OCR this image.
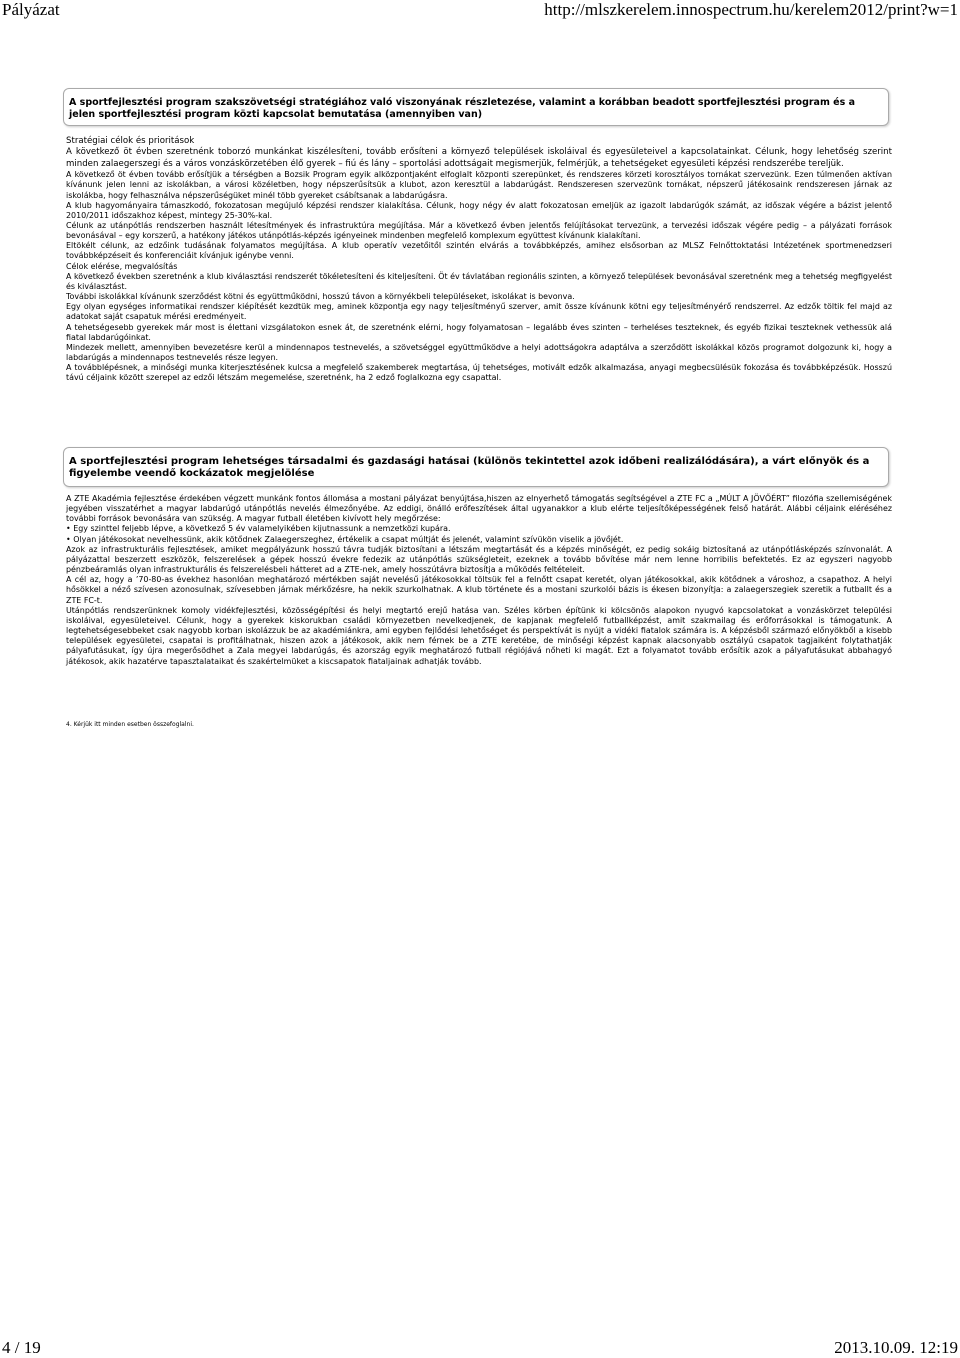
Pályázat	http://mlszkerelem.innospectrum.hu/kerelem2012/print?w=1
A sportfejlesztési program szakszövetségi stratégiához való viszonyának részletezése, valamint a korábban beadott sportfejlesztési program és a jelen sportfejlesztési program közti kapcsolat bemutatása (amennyiben van)

Stratégiai célok és prioritások

A következő öt évben szeretnénk toborzó munkánkat kiszélesíteni, tovább erősíteni a környező települések iskoláival és egyesületeivel a kapcsolatainkat. Célunk, hogy lehetőség szerint minden zalaegerszegi és a város vonzáskörzetében élő gyerek – fiú és lány – sportolási adottságait megismerjük, felmérjük, a tehetségeket egyesületi képzési rendszerébe tereljük.

A következő öt évben tovább erősítjük a térségben a Bozsik Program egyik alközpontjaként elfoglalt központi szerepünket, és rendszeres körzeti korosztályos tornákat szervezünk. Ezen túlmenően aktívan kívánunk jelen lenni az iskolákban, a városi közéletben, hogy népszerűsítsük a klubot, azon keresztül a labdarúgást. Rendszeresen szervezünk tornákat, népszerű játékosaink rendszeresen járnak az iskolákba, hogy felhasználva népszerűségüket minél több gyereket csábítsanak a labdarúgásra.

A klub hagyományaira támaszkodó, fokozatosan megújuló képzési rendszer kialakítása. Célunk, hogy négy év alatt fokozatosan emeljük az igazolt labdarúgók számát, az időszak végére a bázist jelentő 2010/2011 időszakhoz képest, mintegy 25-30%-kal.

Célunk az utánpótlás rendszerben használt létesítmények és infrastruktúra megújítása. Már a következő évben jelentős felújításokat tervezünk, a tervezési időszak végére pedig – a pályázati források bevonásával – egy korszerű, a hatékony játékos utánpótlás-képzés igényeinek mindenben megfelelő komplexum együttest kívánunk kialakítani.

Eltökélt célunk, az edzőink tudásának folyamatos megújítása. A klub operatív vezetőitől szintén elvárás a továbbképzés, amihez elsősorban az MLSZ Felnőttoktatási Intézetének sportmenedzseri továbbképzéseit és konferenciáit kívánjuk igénybe venni.

Célok elérése, megvalósítás

A következő években szeretnénk a klub kiválasztási rendszerét tökéletesíteni és kiteljesíteni. Öt év távlatában regionális szinten, a környező települések bevonásával szeretnénk meg a tehetség megfigyelést és kiválasztást.

További iskolákkal kívánunk szerződést kötni és együttműködni, hosszú távon a környékbeli településeket, iskolákat is bevonva.

Egy olyan egységes informatikai rendszer kiépítését kezdtük meg, aminek központja egy nagy teljesítményű szerver, amit össze kívánunk kötni egy teljesítményérő rendszerrel. Az edzők töltik fel majd az adatokat saját csapatuk mérési eredményeit.

A tehetségesebb gyerekek már most is élettani vizsgálatokon esnek át, de szeretnénk elérni, hogy folyamatosan – legalább éves szinten – terheléses teszteknek, és egyéb fizikai teszteknek vethessük alá fiatal labdarúgóinkat.

Mindezek mellett, amennyiben bevezetésre kerül a mindennapos testnevelés, a szövetséggel együttműködve a helyi adottságokra adaptálva a szerződött iskolákkal közös programot dolgozunk ki, hogy a labdarúgás a mindennapos testnevelés része legyen.

A továbblépésnek, a minőségi munka kiterjesztésének kulcsa a megfelelő szakemberek megtartása, új tehetséges, motivált edzők alkalmazása, anyagi megbecsülésük fokozása és továbbképzésük. Hosszú távú céljaink között szerepel az edzői létszám megemelése, szeretnénk, ha 2 edző foglalkozna egy csapattal.

A sportfejlesztési program lehetséges társadalmi és gazdasági hatásai (különös tekintettel azok időbeni realizálódására), a várt előnyök és a figyelembe veendő kockázatok megjelölése

A ZTE Akadémia fejlesztése érdekében végzett munkánk fontos állomása a mostani pályázat benyújtása,hiszen az elnyerhető támogatás segítségével a ZTE FC a „MÚLT A JÖVŐÉRT” filozófia szellemiségének jegyében visszatérhet a magyar labdarúgó utánpótlás nevelés élmezőnyébe. Az eddigi, önálló erőfeszítések által ugyanakkor a klub elérte teljesítőképességének felső határát. Alábbi céljaink eléréséhez további források bevonására van szükség. A magyar futball életében kivívott hely megőrzése:

• Egy szinttel feljebb lépve, a következő 5 év valamelyikében kijutnassunk a nemzetközi kupára.

• Olyan játékosokat nevelhessünk, akik kötődnek Zalaegerszeghez, értékelik a csapat múltját és jelenét, valamint szívükön viselik a jövőjét.

Azok az infrastrukturális fejlesztések, amiket megpályázunk hosszú távra tudják biztosítani a létszám megtartását és a képzés minőségét, ez pedig sokáig biztosítaná az utánpótlásképzés színvonalát. A pályázattal beszerzett eszközök, felszerelések a gépek hosszú évekre fedezik az utánpótlás szükségleteit, ezeknek a tovább bővítése már nem lenne horribilis befektetés. Ez az egyszeri nagyobb pénzbeáramlás olyan infrastrukturális és felszerelésbeli hátteret ad a ZTE-nek, amely hosszútávra biztosítja a működés feltételeit.

A cél az, hogy a ’70-80-as évekhez hasonlóan meghatározó mértékben saját nevelésű játékosokkal töltsük fel a felnőtt csapat keretét, olyan játékosokkal, akik kötődnek a városhoz, a csapathoz. A helyi hősökkel a néző szívesen azonosulnak, szívesebben járnak mérkőzésre, ha nekik szurkolhatnak. A klub története és a mostani szurkolói bázis is ékesen bizonyítja: a zalaegerszegiek szeretik a futballt és a ZTE FC-t.

Utánpótlás rendszerünknek komoly vidékfejlesztési, közösségépítési és helyi megtartó erejű hatása van. Széles körben építünk ki kölcsönös alapokon nyugvó kapcsolatokat a vonzáskörzet települési iskoláival, egyesületeivel. Célunk, hogy a gyerekek kiskorukban családi környezetben nevelkedjenek, de kapjanak megfelelő futballképzést, amit szakmailag és erőforrásokkal is támogatunk. A legtehetségesebbeket csak nagyobb korban iskolázzuk be az akadémiánkra, ami egyben fejlődési lehetőséget és perspektívát is nyújt a vidéki fiatalok számára is. A képzésből származó előnyökből a kisebb települések egyesületei, csapatai is profitálhatnak, hiszen azok a játékosok, akik nem férnek be a ZTE keretébe, de minőségi képzést kapnak alacsonyabb osztályú csapatok tagjaiként folytathatják pályafutásukat, így újra megerősödhet a Zala megyei labdarúgás, és azország egyik meghatározó futball régiójává nőheti ki magát. Ezt a folyamatot tovább erősítik azok a pályafutásukat abbahagyó játékosok, akik hazatérve tapasztalataikat és szakértelmüket a kiscsapatok fiataljainak adhatják tovább.

4. Kérjük itt minden esetben összefoglalni.
4 / 19	2013.10.09. 12:19
